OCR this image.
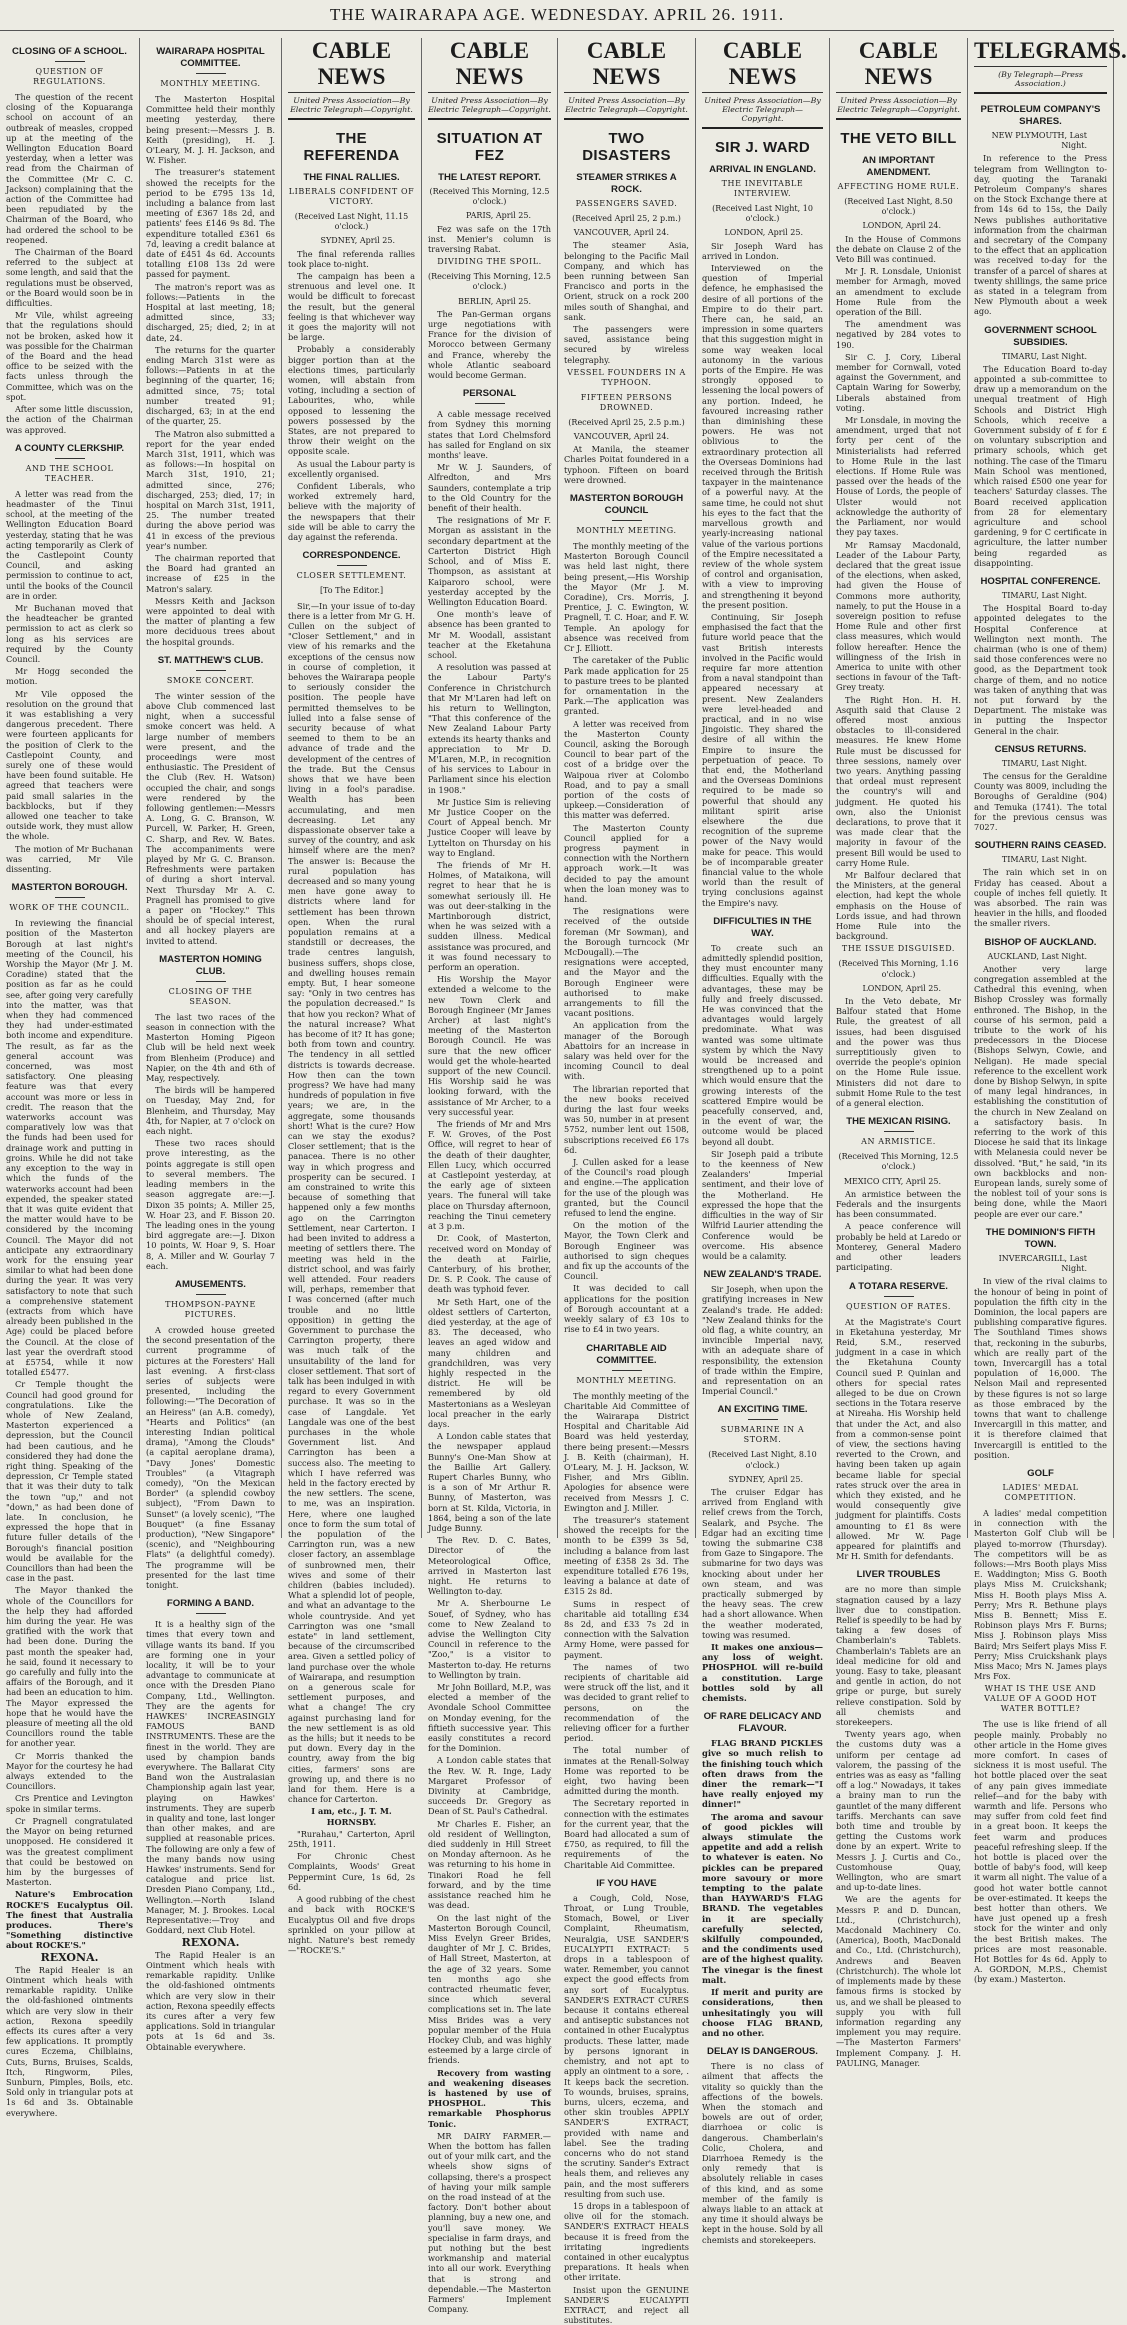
THE WAIRARAPA AGE. WEDNESDAY. APRIL 26. 1911.
CLOSING OF A SCHOOL.
QUESTION OF REGULATIONS.

The question of the recent closing of the Kopuaranga school on account of an outbreak of measles, cropped up at the meeting of the Wellington Education Board yesterday, when a letter was read from the Chairman of the Committee (Mr C. C. Jackson) complaining that the action of the Committee had been repudiated by the Chairman of the Board, who had ordered the school to be reopened.

The Chairman of the Board referred to the subject at some length, and said that the regulations must be observed, or the Board would soon be in difficulties.

Mr Vile, whilst agreeing that the regulations should not be broken, asked how it was possible for the Chairman of the Board and the head office to be seized with the facts unless through the Committee, which was on the spot.

After some little discussion, the action of the Chairman was approved.

A COUNTY CLERKSHIP.
AND THE SCHOOL TEACHER.

A letter was read from the headmaster of the Tinui school, at the meeting of the Wellington Education Board yesterday, stating that he was acting temporarily as Clerk of the Castlepoint County Council, and asking permission to continue to act, until the books of the Council are in order.

Mr Buchanan moved that the headteacher be granted permission to act as clerk so long as his services are required by the County Council.

Mr Hogg seconded the motion.

Mr Vile opposed the resolution on the ground that it was establishing a very dangerous precedent. There were fourteen applicants for the position of Clerk to the Castlepoint County, and surely one of these would have been found suitable. He agreed that teachers were paid small salaries in the backblocks, but if they allowed one teacher to take outside work, they must allow the whole.

The motion of Mr Buchanan was carried, Mr Vile dissenting.

MASTERTON BOROUGH.
WORK OF THE COUNCIL.

In reviewing the financial position of the Masterton Borough at last night's meeting of the Council, his Worship the Mayor (Mr J. M. Coradine) stated that the position as far as he could see, after going very carefully into the matter, was that when they had commenced they had under-estimated both income and expenditure. The result, as far as the general account was concerned, was most satisfactory. One pleasing feature was that every account was more or less in credit. The reason that the waterworks account was comparatively low was that the funds had been used for drainage work and putting in groins. While he did not take any exception to the way in which the funds of the waterworks account had been expended, the speaker stated that it was quite evident that the matter would have to be considered by the incoming Council. The Mayor did not anticipate any extraordinary work for the ensuing year similar to what had been done during the year. It was very satisfactory to note that such a comprehensive statement (extracts from which have already been published in the Age) could be placed before the Council. At the close of last year the overdraft stood at £5754, while it now totalled £5477.

Cr Temple thought the Council had good ground for congratulations. Like the whole of New Zealand, Masterton experienced a depression, but the Council had been cautious, and he considered they had done the right thing. Speaking of the depression, Cr Temple stated that it was their duty to talk the town "up," and not "down," as had been done of late. In conclusion, he expressed the hope that in future fuller details of the Borough's financial position would be available for the Councillors than had been the case in the past.

The Mayor thanked the whole of the Councillors for the help they had afforded him during the year. He was gratified with the work that had been done. During the past month the speaker had, he said, found it necessary to go carefully and fully into the affairs of the Borough, and it had been an education to him. The Mayor expressed the hope that he would have the pleasure of meeting all the old Councillors round the table for another year.

Cr Morris thanked the Mayor for the courtesy he had always extended to the Councillors.

Crs Prentice and Levington spoke in similar terms.

Cr Pragnell congratulated the Mayor on being returned unopposed. He considered it was the greatest compliment that could be bestowed on him by the burgesses of Masterton.

Nature's Embrocation ROCKE'S Eucalyptus Oil. The finest that Australia produces. There's "Something distinctive about ROCKE'S."

REXONA.

The Rapid Healer is an Ointment which heals with remarkable rapidity. Unlike the old-fashioned ointments which are very slow in their action, Rexona speedily effects its cures after a very few applications. It promptly cures Eczema, Chilblains, Cuts, Burns, Bruises, Scalds, Itch, Ringworm, Piles, Sunburn, Pimples, Boils, etc. Sold only in triangular pots at 1s 6d and 3s. Obtainable everywhere.

WAIRARAPA HOSPITAL COMMITTEE.
MONTHLY MEETING.

The Masterton Hospital Committee held their monthly meeting yesterday, there being present:—Messrs J. B. Keith (presiding), H. J. O'Leary, M. J. H. Jackson, and W. Fisher.

The treasurer's statement showed the receipts for the period to be £795 13s 1d, including a balance from last meeting of £367 18s 2d, and patients' fees £146 9s 8d. The expenditure totalled £361 6s 7d, leaving a credit balance at date of £451 4s 6d. Accounts totalling £108 13s 2d were passed for payment.

The matron's report was as follows:—Patients in the Hospital at last meeting, 18; admitted since, 33; discharged, 25; died, 2; in at date, 24.

The returns for the quarter ending March 31st were as follows:—Patients in at the beginning of the quarter, 16; admitted since, 75; total number treated 91; discharged, 63; in at the end of the quarter, 25.

The Matron also submitted a report for the year ended March 31st, 1911, which was as follows:—In hospital on March 31st, 1910, 21; admitted since, 276; discharged, 253; died, 17; in hospital on March 31st, 1911, 25. The number treated during the above period was 41 in excess of the previous year's number.

The chairman reported that the Board had granted an increase of £25 in the Matron's salary.

Messrs Keith and Jackson were appointed to deal with the matter of planting a few more deciduous trees about the hospital grounds.

ST. MATTHEW'S CLUB.
SMOKE CONCERT.

The winter session of the above Club commenced last night, when a successful smoke concert was held. A large number of members were present, and the proceedings were most enthusiastic. The President of the Club (Rev. H. Watson) occupied the chair, and songs were rendered by the following gentlemen:—Messrs A. Long, G. C. Branson, W. Purcell, W. Parker, H. Green, C. Sharp, and Rev. W. Bates. The accompaniments were played by Mr G. C. Branson. Refreshments were partaken of during a short interval. Next Thursday Mr A. C. Pragnell has promised to give a paper on "Hockey." This should be of special interest, and all hockey players are invited to attend.

MASTERTON HOMING CLUB.
CLOSING OF THE SEASON.

The last two races of the season in connection with the Masterton Homing Pigeon Club will be held next week from Blenheim (Produce) and Napier, on the 4th and 6th of May, respectively.

The birds will be hampered on Tuesday, May 2nd, for Blenheim, and Thursday, May 4th, for Napier, at 7 o'clock on each night.

These two races should prove interesting, as the points aggregate is still open to several members. The leading members in the season aggregate are:—J. Dixon 35 points; A. Miller 25, W. Hoar 23, and F. Bisson 20. The leading ones in the young bird aggregate are:—J. Dixon 10 points, W. Hoar 9, S. Hoar 8, A. Miller and W. Gourlay 7 each.

AMUSEMENTS.
THOMPSON-PAYNE PICTURES.

A crowded house greeted the second presentation of the current programme of pictures at the Foresters' Hall last evening. A first-class series of subjects were presented, including the following:—"The Decoration of an Heiress" (an A.B. comedy), "Hearts and Politics" (an interesting Indian political drama), "Among the Clouds" (a capital aeroplane drama), "Davy Jones' Domestic Troubles" (a Vitagraph comedy), "On the Mexican Border" (a splendid cowboy subject), "From Dawn to Sunset" (a lovely scenic), "The Bouquet" (a fine Essanay production), "New Singapore" (scenic), and "Neighbouring Flats" (a delightful comedy). The programme will be presented for the last time tonight.

FORMING A BAND.

It is a healthy sign of the times that every town and village wants its band. If you are forming one in your locality, it will be to your advantage to communicate at once with the Dresden Piano Company, Ltd., Wellington. They are the agents for HAWKES' INCREASINGLY FAMOUS BAND INSTRUMENTS. These are the finest in the world. They are used by champion bands everywhere. The Ballarat City Band won the Australasian Championship again last year, playing on Hawkes' instruments. They are superb in quality and tone, last longer than other makes, and are supplied at reasonable prices. The following are only a few of the many bands now using Hawkes' instruments. Send for catalogue and price list. Dresden Piano Company, Ltd., Wellington.—North Island Manager, M. J. Brookes. Local Representative:—Troy and Goddard, next Club Hotel.

REXONA.

The Rapid Healer is an Ointment which heals with remarkable rapidity. Unlike the old-fashioned ointments which are very slow in their action, Rexona speedily effects its cures after a very few applications. Sold in triangular pots at 1s 6d and 3s. Obtainable everywhere.

CABLE NEWS
United Press Association—By Electric Telegraph—Copyright.
THE REFERENDA
THE FINAL RALLIES.
LIBERALS CONFIDENT OF VICTORY.
(Received Last Night, 11.15 o'clock.)

SYDNEY, April 25.

The final referenda rallies took place to-night.

The campaign has been a strenuous and level one. It would be difficult to forecast the result, but the general feeling is that whichever way it goes the majority will not be large.

Probably a considerably bigger portion than at the elections times, particularly women, will abstain from voting, including a section of Labourites, who, while opposed to lessening the powers possessed by the States, are not prepared to throw their weight on the opposite scale.

As usual the Labour party is excellently organised.

Confident Liberals, who worked extremely hard, believe with the majority of the newspapers that their side will be able to carry the day against the referenda.

CORRESPONDENCE.
CLOSER SETTLEMENT.
[To The Editor.]

Sir,—In your issue of to-day there is a letter from Mr G. H. Cullen on the subject of "Closer Settlement," and in view of his remarks and the exceptions of the census now in course of completion, it behoves the Wairarapa people to seriously consider the position. The people have permitted themselves to be lulled into a false sense of security because of what seemed to them to be an advance of trade and the development of the centres of the trade. But the Census shows that we have been living in a fool's paradise. Wealth has been accumulating, and men decreasing. Let any dispassionate observer take a survey of the country, and ask himself where are the men? The answer is: Because the rural population has decreased and so many young men have gone away to districts where land for settlement has been thrown open. When the rural population remains at a standstill or decreases, the trade centres languish, business suffers, shops close, and dwelling houses remain empty. But, I hear someone say: "Only in two centres has the population decreased." Is that how you reckon? What of the natural increase? What has become of it? It has gone; both from town and country. The tendency in all settled districts is towards decrease. How then can the town progress? We have had many hundreds of population in five years; we are, in the aggregate, some thousands short! What is the cure? How can we stay the exodus? Closer settlement; that is the panacea. There is no other way in which progress and prosperity can be secured. I am constrained to write this because of something that happened only a few months ago on the Carrington Settlement, near Carterton. I had been invited to address a meeting of settlers there. The meeting was held in the district school, and was fairly well attended. Four readers will, perhaps, remember that I was concerned (after much trouble and no little opposition) in getting the Government to purchase the Carrington property, there was much talk of the unsuitability of the land for closer settlement. That sort of talk has been indulged in with regard to every Government purchase. It was so in the case of Langdale. Yet Langdale was one of the best purchases in the whole Government list. And Carrington has been a success also. The meeting to which I have referred was held in the factory erected by the new settlers. The scene, to me, was an inspiration. Here, where one laughed once to form the sum total of the population of the Carrington run, was a new closer factory, an assemblage of sunbrowned men, their wives and some of their children (babies included). What a splendid lot of people, and what an advantage to the whole countryside. And yet Carrington was one "small estate" in land settlement, because of the circumscribed area. Given a settled policy of land purchase over the whole of Wairarapa, and resumption on a generous scale for settlement purposes, and what a change! The cry against purchasing land for the new settlement is as old as the hills; but it needs to be put down. Every day in the country, away from the big cities, farmers' sons are growing up, and there is no land for them. Here is a chance for Carterton.

I am, etc., J. T. M. HORNSBY.

"Rurahau," Carterton, April 25th, 1911.

For Chronic Chest Complaints, Woods' Great Peppermint Cure, 1s 6d, 2s 6d.

A good rubbing of the chest and back with ROCKE'S Eucalyptus Oil and five drops sprinkled on your pillow at night. Nature's best remedy—"ROCKE'S."

CABLE NEWS
United Press Association—By Electric Telegraph—Copyright.
SITUATION AT FEZ
THE LATEST REPORT.
(Received This Morning, 12.5 o'clock.)

PARIS, April 25.

Fez was safe on the 17th inst. Menier's column is traversing Rabat.

DIVIDING THE SPOIL.
(Receiving This Morning, 12.5 o'clock.)

BERLIN, April 25.

The Pan-German organs urge negotiations with France for the division of Morocco between Germany and France, whereby the whole Atlantic seaboard would become German.

PERSONAL

A cable message received from Sydney this morning states that Lord Chelmsford has sailed for England on six months' leave.

Mr W. J. Saunders, of Alfredton, and Mrs Saunders, contemplate a trip to the Old Country for the benefit of their health.

The resignations of Mr F. Morgan as assistant in the secondary department at the Carterton District High School, and of Miss E. Thompson, as assistant at Kaiparoro school, were yesterday accepted by the Wellington Education Board.

One month's leave of absence has been granted to Mr M. Woodall, assistant teacher at the Eketahuna school.

A resolution was passed at the Labour Party's Conference in Christchurch that Mr M'Laren had left on his return to Wellington, "That this conference of the New Zealand Labour Party extends its hearty thanks and appreciation to Mr D. M'Laren, M.P., in recognition of his services to Labour in Parliament since his election in 1908."

Mr Justice Sim is relieving Mr Justice Cooper on the Court of Appeal bench. Mr Justice Cooper will leave by Lyttelton on Thursday on his way to England.

The friends of Mr H. Holmes, of Mataikona, will regret to hear that he is somewhat seriously ill. He was out deer-stalking in the Martinborough district, when he was seized with a sudden illness. Medical assistance was procured, and it was found necessary to perform an operation.

His Worship the Mayor extended a welcome to the new Town Clerk and Borough Engineer (Mr James Archer) at last night's meeting of the Masterton Borough Council. He was sure that the new officer would get the whole-hearted support of the new Council. His Worship said he was looking forward, with the assistance of Mr Archer, to a very successful year.

The friends of Mr and Mrs F. W. Groves, of the Post Office, will regret to hear of the death of their daughter, Ellen Lucy, which occurred at Castlepoint yesterday, at the early age of sixteen years. The funeral will take place on Thursday afternoon, reaching the Tinui cemetery at 3 p.m.

Dr. Cook, of Masterton, received word on Monday of the death at Fairlie, Canterbury, of his brother, Dr. S. P. Cook. The cause of death was typhoid fever.

Mr Seth Hart, one of the oldest settlers of Carterton, died yesterday, at the age of 83. The deceased, who leaves an aged widow and many children and grandchildren, was very highly respected in the district. He will be remembered by old Mastertonians as a Wesleyan local preacher in the early days.

A London cable states that the newspaper applaud Bunny's One-Man Show at the Baillie Art Gallery. Rupert Charles Bunny, who is a son of Mr Arthur R. Bunny, of Masterton, was born at St. Kilda, Victoria, in 1864, being a son of the late Judge Bunny.

The Rev. D. C. Bates, Director of the Meteorological Office, arrived in Masterton last night. He returns to Wellington to-day.

Mr A. Sherbourne Le Souef, of Sydney, who has come to New Zealand to advise the Wellington City Council in reference to the "Zoo," is a visitor to Masterton to-day. He returns to Wellington by train.

Mr John Boillard, M.P., was elected a member of the Avondale School Committee on Monday evening, for the fiftieth successive year. This easily constitutes a record for the Dominion.

A London cable states that the Rev. W. R. Inge, Lady Margaret Professor of Divinity at Cambridge, succeeds Dr. Gregory as Dean of St. Paul's Cathedral.

Mr Charles E. Fisher, an old resident of Wellington, died suddenly in Hill Street on Monday afternoon. As he was returning to his home in Tinakori Road he fell forward, and by the time assistance reached him he was dead.

On the last night of the Masterton Borough Council, Miss Evelyn Greer Brides, daughter of Mr J. C. Brides, of Hall Street, Masterton, at the age of 32 years. Some ten months ago she contracted rheumatic fever, since which several complications set in. The late Miss Brides was a very popular member of the Huia Hockey Club, and was highly esteemed by a large circle of friends.

Recovery from wasting and weakening diseases is hastened by use of PHOSPHOL. This remarkable Phosphorus Tonic.

MR DAIRY FARMER.—When the bottom has fallen out of your milk cart, and the wheels show signs of collapsing, there's a prospect of having your milk sample on the road instead of at the factory. Don't bother about planning, buy a new one, and you'll save money. We specialise in farm drays, and put nothing but the best workmanship and material into all our work. Everything that is strong and dependable.—The Masterton Farmers' Implement Company.

CABLE NEWS
United Press Association—By Electric Telegraph—Copyright.
TWO DISASTERS
STEAMER STRIKES A ROCK.
PASSENGERS SAVED.
(Received April 25, 2 p.m.)

VANCOUVER, April 24.

The steamer Asia, belonging to the Pacific Mail Company, and which has been running between San Francisco and ports in the Orient, struck on a rock 200 miles south of Shanghai, and sank.

The passengers were saved, assistance being secured by wireless telegraphy.

VESSEL FOUNDERS IN A TYPHOON.
FIFTEEN PERSONS DROWNED.
(Received April 25, 2.5 p.m.)

VANCOUVER, April 24.

At Manila, the steamer Charles Poitat foundered in a typhoon. Fifteen on board were drowned.

MASTERTON BOROUGH COUNCIL
MONTHLY MEETING.

The monthly meeting of the Masterton Borough Council was held last night, there being present,—His Worship the Mayor (Mr J. M. Coradine), Crs. Morris, J. Prentice, J. C. Ewington, W. Pragnell, T. C. Hoar, and F. W. Temple. An apology for absence was received from Cr J. Elliott.

The caretaker of the Public Park made application for 25 to pasture trees to be planted for ornamentation in the Park.—The application was granted.

A letter was received from the Masterton County Council, asking the Borough Council to bear part of the cost of a bridge over the Waipoua river at Colombo Road, and to pay a small portion of the costs of upkeep.—Consideration of this matter was deferred.

The Masterton County Council applied for a progress payment in connection with the Northern approach work.—It was decided to pay the amount when the loan money was to hand.

The resignations were received of the outside foreman (Mr Sowman), and the Borough turncock (Mr McDougall).—The resignations were accepted, and the Mayor and the Borough Engineer were authorised to make arrangements to fill the vacant positions.

An application from the manager of the Borough Abattoirs for an increase in salary was held over for the incoming Council to deal with.

The librarian reported that the new books received during the last four weeks was 50, number in at present 5752, number lent out 1508, subscriptions received £6 17s 6d.

J. Cullen asked for a lease of the Council's road plough and engine.—The application for the use of the plough was granted, but the Council refused to lend the engine.

On the motion of the Mayor, the Town Clerk and Borough Engineer was authorised to sign cheques and fix up the accounts of the Council.

It was decided to call applications for the position of Borough accountant at a weekly salary of £3 10s to rise to £4 in two years.

CHARITABLE AID COMMITTEE.
MONTHLY MEETING.

The monthly meeting of the Charitable Aid Committee of the Wairarapa District Hospital and Charitable Aid Board was held yesterday, there being present:—Messrs J. B. Keith (chairman), H. O'Leary, M. J. H. Jackson, W. Fisher, and Mrs Giblin. Apologies for absence were received from Messrs J. C. Ewington and J. Miller.

The treasurer's statement showed the receipts for the month to be £399 3s 5d, including a balance from last meeting of £358 2s 3d. The expenditure totalled £76 19s, leaving a balance at date of £315 2s 8d.

Sums in respect of charitable aid totalling £34 8s 2d, and £33 7s 2d in connection with the Salvation Army Home, were passed for payment.

The names of two recipients of charitable aid were struck off the list, and it was decided to grant relief to persons, on the recommendation of the relieving officer for a further period.

The total number of inmates at the Renall-Solway Home was reported to be eight, two having been admitted during the month.

The Secretary reported in connection with the estimates for the current year, that the Board had allocated a sum of £750, as required, to fill the requirements of the Charitable Aid Committee.

IF YOU HAVE

a Cough, Cold, Nose, Throat, or Lung Trouble, Stomach, Bowel, or Liver Complaint, Rheumatism, Neuralgia, USE SANDER'S EUCALYPTI EXTRACT: 5 drops in a tablespoon of water. Remember, you cannot expect the good effects from any sort of Eucalyptus. SANDER'S EXTRACT CURES because it contains ethereal and antiseptic substances not contained in other Eucalyptus products. These latter, made by persons ignorant in chemistry, and not apt to apply an ointment to a sore, . It keeps back the secretion. To wounds, bruises, sprains, burns, ulcers, eczema, and other skin troubles APPLY SANDER'S EXTRACT, provided with name and label. See the trading concerns who do not stand the scrutiny. Sander's Extract heals them, and relieves any pain, and the most sufferers resulting from such use.

15 drops in a tablespoon of olive oil for the stomach. SANDER'S EXTRACT HEALS because it is freed from the irritating ingredients contained in other eucalyptus preparations. It heals when other irritate.

Insist upon the GENUINE SANDER'S EUCALYPTI EXTRACT, and reject all substitutes.

CABLE NEWS
United Press Association—By Electric Telegraph—Copyright.
SIR J. WARD
ARRIVAL IN ENGLAND.
THE INEVITABLE INTERVIEW.
(Received Last Night, 10 o'clock.)

LONDON, April 25.

Sir Joseph Ward has arrived in London.

Interviewed on the question of Imperial defence, he emphasised the desire of all portions of the Empire to do their part. There can, he said, an impression in some quarters that this suggestion might in some way weaken local autonomy in the various ports of the Empire. He was strongly opposed to lessening the local powers of any portion. Indeed, he favoured increasing rather than diminishing these powers. He was not oblivious to the extraordinary protection all the Overseas Dominions had received through the British taxpayer in the maintenance of a powerful navy. At the same time, he could not shut his eyes to the fact that the marvellous growth and yearly-increasing national value of the various portions of the Empire necessitated a review of the whole system of control and organisation, with a view to improving and strengthening it beyond the present position.

Continuing, Sir Joseph emphasised the fact that the future world peace that the vast British interests involved in the Pacific would require far more attention from a naval standpoint than appeared necessary at present. New Zealanders were level-headed and practical, and in no wise Jingoistic. They shared the desire of all within the Empire to insure the perpetuation of peace. To that end, the Motherland and the Overseas Dominions required to be made so powerful that should any militant spirit arise elsewhere the due recognition of the supreme power of the Navy would make for peace. This would be of incomparable greater financial value to the whole world than the result of trying conclusions against the Empire's navy.

DIFFICULTIES IN THE WAY.

To create such an admittedly splendid position, they must encounter many difficulties. Equally with the advantages, these may be fully and freely discussed. He was convinced that the advantages would largely predominate. What was wanted was some ultimate system by which the Navy would be increased and strengthened up to a point which would ensure that the growing interests of the scattered Empire would be peacefully conserved, and, in the event of war, the outcome would be placed beyond all doubt.

Sir Joseph paid a tribute to the keenness of New Zealanders' Imperial sentiment, and their love of the Motherland. He expressed the hope that the difficulties in the way of Sir Wilfrid Laurier attending the Conference would be overcome. His absence would be a calamity.

NEW ZEALAND'S TRADE.

Sir Joseph, when upon the gratifying increases in New Zealand's trade. He added: "New Zealand thinks for the old flag, a white country, an invincible Imperial navy, with an adequate share of responsibility, the extension of trade within the Empire, and representation on an Imperial Council."

AN EXCITING TIME.
SUBMARINE IN A STORM.
(Received Last Night, 8.10 o'clock.)

SYDNEY, April 25.

The cruiser Edgar has arrived from England with relief crews from the Torch, Sealark, and Psyche. The Edgar had an exciting time towing the submarine C38 from Gaze to Singapore. The submarine for two days was knocking about under her own steam, and was practically submerged by the heavy seas. The crew had a short allowance. When the weather moderated, towing was resumed.

It makes one anxious—any loss of weight. PHOSPHOL will re-build a constitution. Large bottles sold by all chemists.

OF RARE DELICACY AND FLAVOUR.

FLAG BRAND PICKLES give so much relish to the finishing touch which often draws from the diner the remark—"I have really enjoyed my dinner!"

The aroma and savour of good pickles will always stimulate the appetite and add a relish to whatever is eaten. No pickles can be prepared more savoury or more tempting to the palate than HAYWARD'S FLAG BRAND. The vegetables in it are specially carefully selected, skilfully compounded, and the condiments used are of the highest quality. The vinegar is the finest malt.

If merit and purity are considerations, then unhesitatingly you will choose FLAG BRAND, and no other.

DELAY IS DANGEROUS.

There is no class of ailment that affects the vitality so quickly than the affections of the bowels. When the stomach and bowels are out of order, diarrhoea or colic is dangerous. Chamberlain's Colic, Cholera, and Diarrhoea Remedy is the only remedy that is absolutely reliable in cases of this kind, and as some member of the family is always liable to an attack at any time it should always be kept in the house. Sold by all chemists and storekeepers.

CABLE NEWS
United Press Association—By Electric Telegraph—Copyright.
THE VETO BILL
AN IMPORTANT AMENDMENT.
AFFECTING HOME RULE.
(Received Last Night, 8.50 o'clock.)

LONDON, April 24.

In the House of Commons the debate on Clause 2 of the Veto Bill was continued.

Mr J. R. Lonsdale, Unionist member for Armagh, moved an amendment to exclude Home Rule from the operation of the Bill.

The amendment was negatived by 284 votes to 190.

Sir C. J. Cory, Liberal member for Cornwall, voted against the Government, and Captain Waring for Sowerby, Liberals abstained from voting.

Mr Lonsdale, in moving the amendment, urged that not forty per cent of the Ministerialists had referred to Home Rule in the last elections. If Home Rule was passed over the heads of the House of Lords, the people of Ulster would not acknowledge the authority of the Parliament, nor would they pay taxes.

Mr Ramsay Macdonald, Leader of the Labour Party, declared that the great issue of the elections, when asked, had given the House of Commons more authority, namely, to put the House in a sovereign position to refuse Home Rule and other first class measures, which would follow hereafter. Hence the willingness of the Irish in America to unite with other sections in favour of the Taft-Grey treaty.

The Right Hon. H. H. Asquith said that Clause 2 offered most anxious obstacles to ill-considered measures. He knew Home Rule must be discussed for three sessions, namely over two years. Anything passing that ordeal must represent the country's will and judgment. He quoted his own, also the Unionist declarations, to prove that it was made clear that the majority in favour of the present Bill would be used to carry Home Rule.

Mr Balfour declared that the Ministers, at the general election, had kept the whole emphasis on the House of Lords issue, and had thrown Home Rule into the background.

THE ISSUE DISGUISED.
(Received This Morning, 1.16 o'clock.)

LONDON, April 25.

In the Veto debate, Mr Balfour stated that Home Rule, the greatest of all issues, had been disguised and the power was thus surreptitiously given to override the people's opinion on the Home Rule issue. Ministers did not dare to submit Home Rule to the test of a general election.

THE MEXICAN RISING.
AN ARMISTICE.
(Received This Morning, 12.5 o'clock.)

MEXICO CITY, April 25.

An armistice between the Federals and the insurgents has been consummated.

A peace conference will probably be held at Laredo or Monterey, General Madero and other leaders participating.

A TOTARA RESERVE.
QUESTION OF RATES.

At the Magistrate's Court in Eketahuna yesterday, Mr Reid, S.M., reserved judgment in a case in which the Eketahuna County Council sued P. Quinlan and others for special rates alleged to be due on Crown sections in the Totara reserve at Nireaha. His Worship held that under the Act, and also from a common-sense point of view, the sections having reverted to the Crown, and having been taken up again became liable for special rates struck over the area in which they existed, and he would consequently give judgment for plaintiffs. Costs amounting to £1 8s were allowed. Mr W. Page appeared for plaintiffs and Mr H. Smith for defendants.

LIVER TROUBLES

are no more than simple stagnation caused by a lazy liver due to constipation. Relief is speedily to be had by taking a few doses of Chamberlain's Tablets. Chamberlain's Tablets are an ideal medicine for old and young. Easy to take, pleasant and gentle in action, do not gripe or purge, but surely relieve constipation. Sold by all chemists and storekeepers.

Twenty years ago, when the customs duty was a uniform per centage ad valorem, the passing of the entries was as easy as "falling off a log." Nowadays, it takes a brainy man to run the gauntlet of the many different tariffs. Merchants can save both time and trouble by getting the Customs work done by an expert. Write to Messrs J. J. Curtis and Co., Customhouse Quay, Wellington, who are smart and up-to-date lines.

We are the agents for Messrs P. and D. Duncan, Ltd., (Christchurch), Macdonald Machinery Co. (America), Booth, MacDonald and Co., Ltd. (Christchurch), Andrews and Beaven (Christchurch). The whole lot of implements made by these famous firms is stocked by us, and we shall be pleased to supply you with full information regarding any implement you may require.—The Masterton Farmers' Implement Company. J. H. PAULING, Manager.

TELEGRAMS.
(By Telegraph—Press Association.)
PETROLEUM COMPANY'S SHARES.

NEW PLYMOUTH, Last Night.

In reference to the Press telegram from Wellington to-day, quoting the Taranaki Petroleum Company's shares on the Stock Exchange there at from 14s 6d to 15s, the Daily News publishes authoritative information from the chairman and secretary of the Company to the effect that an application was received to-day for the transfer of a parcel of shares at twenty shillings, the same price as stated in a telegram from New Plymouth about a week ago.

GOVERNMENT SCHOOL SUBSIDIES.

TIMARU, Last Night.

The Education Board to-day appointed a sub-committee to draw up a memorandum on the unequal treatment of High Schools and District High Schools, which receive a Government subsidy of £ for £ on voluntary subscription and primary schools, which get nothing. The case of the Timaru Main School was mentioned, which raised £500 one year for teachers' Saturday classes. The Board received application from 28 for elementary agriculture and school gardening, 9 for C certificate in agriculture, the latter number being regarded as disappointing.

HOSPITAL CONFERENCE.

TIMARU, Last Night.

The Hospital Board to-day appointed delegates to the Hospital Conference at Wellington next month. The chairman (who is one of them) said those conferences were no good, as the Department took charge of them, and no notice was taken of anything that was not put forward by the Department. The mistake was in putting the Inspector General in the chair.

CENSUS RETURNS.

TIMARU, Last Night.

The census for the Geraldine County was 8009, including the Boroughs of Geraldine (904) and Temuka (1741). The total for the previous census was 7027.

SOUTHERN RAINS CEASED.

TIMARU, Last Night.

The rain which set in on Friday has ceased. About a couple of inches fell quietly. It was absorbed. The rain was heavier in the hills, and flooded the smaller rivers.

BISHOP OF AUCKLAND.

AUCKLAND, Last Night.

Another very large congregation assembled at the Cathedral this evening, when Bishop Crossley was formally enthroned. The Bishop, in the course of his sermon, paid a tribute to the work of his predecessors in the Diocese (Bishops Selwyn, Cowie, and Neligan). He made special reference to the excellent work done by Bishop Selwyn, in spite of many legal hindrances, in establishing the constitution of the church in New Zealand on a satisfactory basis. In referring to the work of this Diocese he said that its linkage with Melanesia could never be dissolved. "But," he said, "in its own backblocks and non-European lands, surely some of the noblest toil of your sons is being done, while the Maori people are ever our care."

THE DOMINION'S FIFTH TOWN.

INVERCARGILL, Last Night.

In view of the rival claims to the honour of being in point of population the fifth city in the Dominion, the local papers are publishing comparative figures. The Southland Times shows that, reckoning in the suburbs, which are really part of the town, Invercargill has a total population of 16,000. The Nelson Mail and represented by these figures is not so large as those embraced by the towns that want to challenge Invercargill in this matter, and it is therefore claimed that Invercargill is entitled to the position.

GOLF
LADIES' MEDAL COMPETITION.

A ladies' medal competition in connection with the Masterton Golf Club will be played to-morrow (Thursday). The competitors will be as follows:—Mrs Booth plays Miss E. Waddington; Miss G. Booth plays Miss M. Cruickshank; Miss H. Booth plays Miss A. Perry; Mrs R. Bethune plays Miss B. Bennett; Miss E. Robinson plays Mrs F. Burns; Miss J. Robinson plays Miss Baird; Mrs Seifert plays Miss F. Perry; Miss Cruickshank plays Miss Maco; Mrs N. James plays Mrs Fox.

WHAT IS THE USE AND VALUE OF A GOOD HOT WATER BOTTLE?

The use is like friend of all people mainly. Probably no other article in the Home gives more comfort. In cases of sickness it is most useful. The hot bottle placed over the seat of any pain gives immediate relief—and for the baby with warmth and life. Persons who may suffer from cold feet find in a great boon. It keeps the feet warm and produces peaceful refreshing sleep. If the hot bottle is placed over the bottle of baby's food, will keep it warm all night. The value of a good hot water bottle cannot be over-estimated. It keeps the best hotter than others. We have just opened up a fresh stock for the winter and only the best British makes. The prices are most reasonable. Hot Bottles for 4s 6d. Apply to A. GORDON, M.P.S., Chemist (by exam.) Masterton.
